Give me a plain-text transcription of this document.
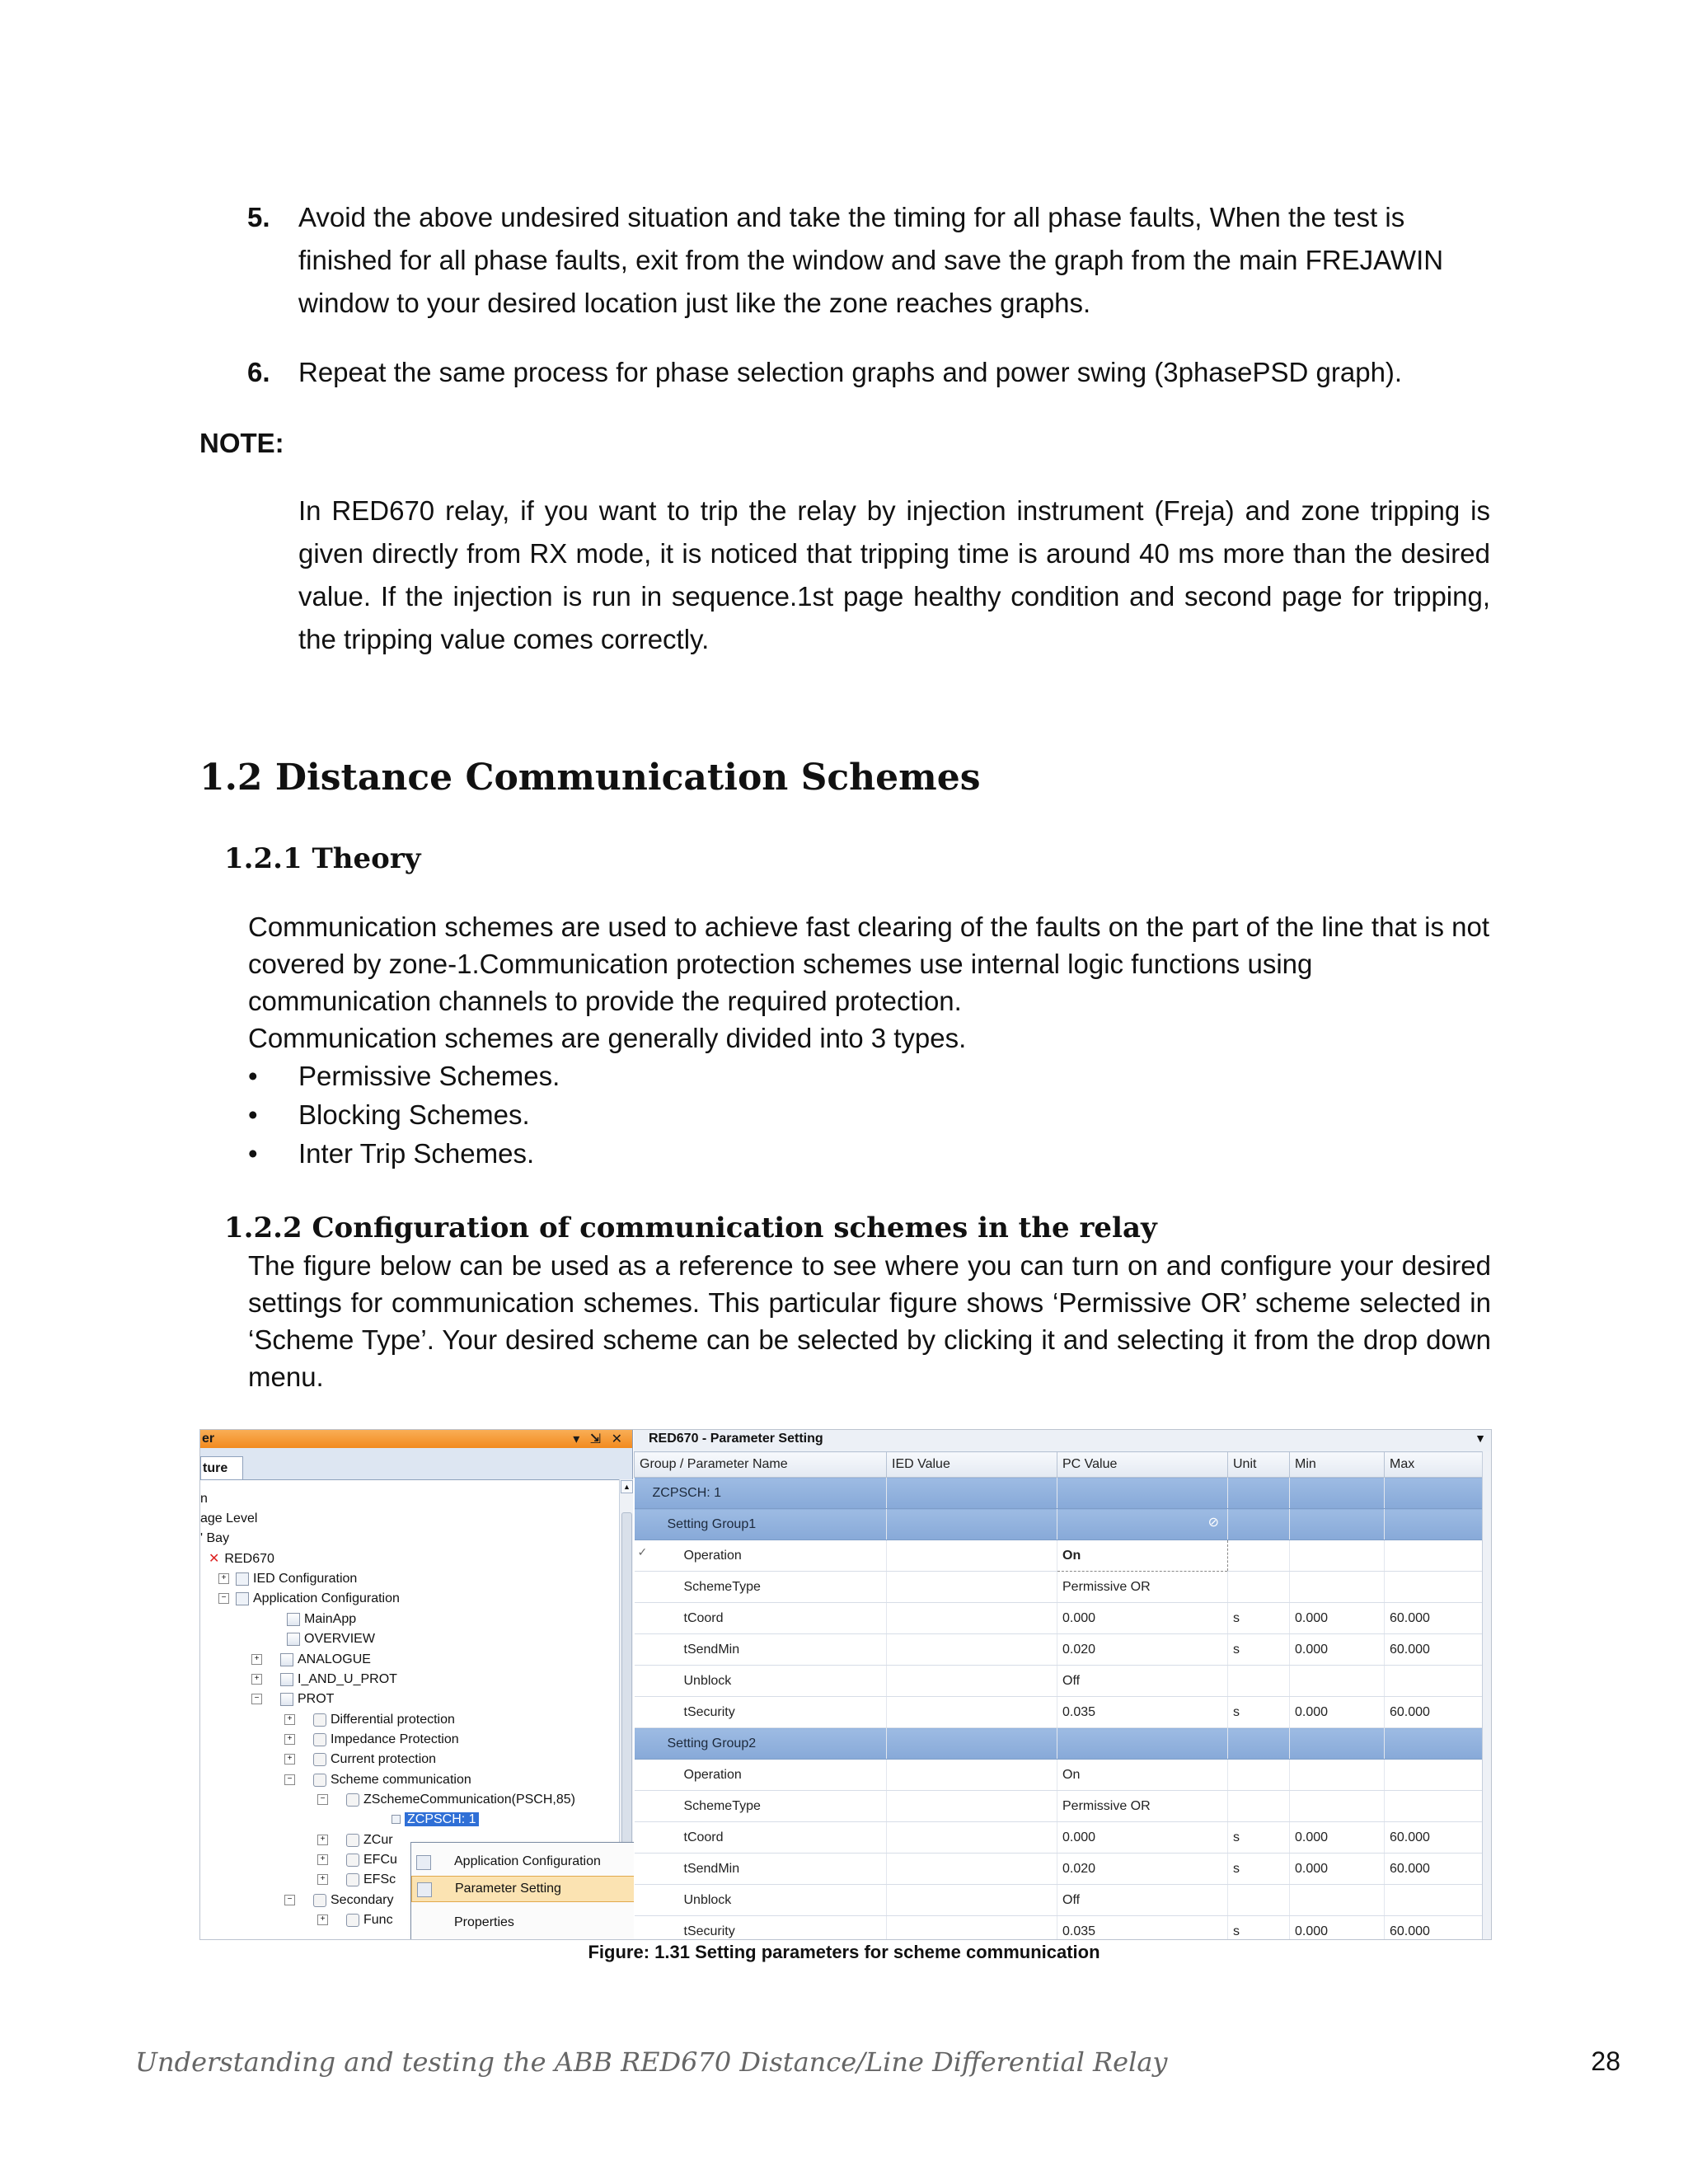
5. Avoid the above undesired situation and take the timing for all phase faults, When the test is finished for all phase faults, exit from the window and save the graph from the main FREJAWIN window to your desired location just like the zone reaches graphs.
6. Repeat the same process for phase selection graphs and power swing (3phasePSD graph).
NOTE:
In RED670 relay, if you want to trip the relay by injection instrument (Freja) and zone tripping is given directly from RX mode, it is noticed that tripping time is around 40 ms more than the desired value. If the injection is run in sequence.1st page healthy condition and second page for tripping, the tripping value comes correctly.
1.2 Distance Communication Schemes
1.2.1 Theory

Communication schemes are used to achieve fast clearing of the faults on the part of the line that is not covered by zone-1.Communication protection schemes use internal logic functions using communication channels to provide the required protection.

Communication schemes are generally divided into 3 types.

• Permissive Schemes.
• Blocking Schemes.
• Inter Trip Schemes.
1.2.2 Configuration of communication schemes in the relay
The figure below can be used as a reference to see where you can turn on and configure your desired settings for communication schemes. This particular figure shows ‘Permissive OR’ scheme selected in ‘Scheme Type’. Your desired scheme can be selected by clicking it and selecting it from the drop down menu.
er	▾ ⇲ ✕
ture
n
age Level
' Bay
✕ RED670
+ IED Configuration
− Application Configuration
MainApp
OVERVIEW
+	ANALOGUE
+	I_AND_U_PROT
−	PROT
+	Differential protection
+	Impedance Protection
+	Current protection
−	Scheme communication
−	ZSchemeCommunication(PSCH,85)
ZCPSCH: 1
+	ZCur
+	EFCu
+	EFSc
−	Secondary
+	Func
▲
Application Configuration
Parameter Setting
Properties
RED670 - Parameter Setting	▼
Group / Parameter Name	IED Value	PC Value	Unit	Min	Max
ZCPSCH: 1					
Setting Group1		⊘			

✓ Operation		On			
SchemeType		Permissive OR			
tCoord		0.000	s	0.000	60.000
tSendMin		0.020	s	0.000	60.000
Unblock		Off			
tSecurity		0.035	s	0.000	60.000
Setting Group2					
Operation		On			
SchemeType		Permissive OR			
tCoord		0.000	s	0.000	60.000
tSendMin		0.020	s	0.000	60.000
Unblock		Off			
tSecurity		0.035	s	0.000	60.000
Figure: 1.31 Setting parameters for scheme communication
Understanding and testing the ABB RED670 Distance/Line Differential Relay	28
